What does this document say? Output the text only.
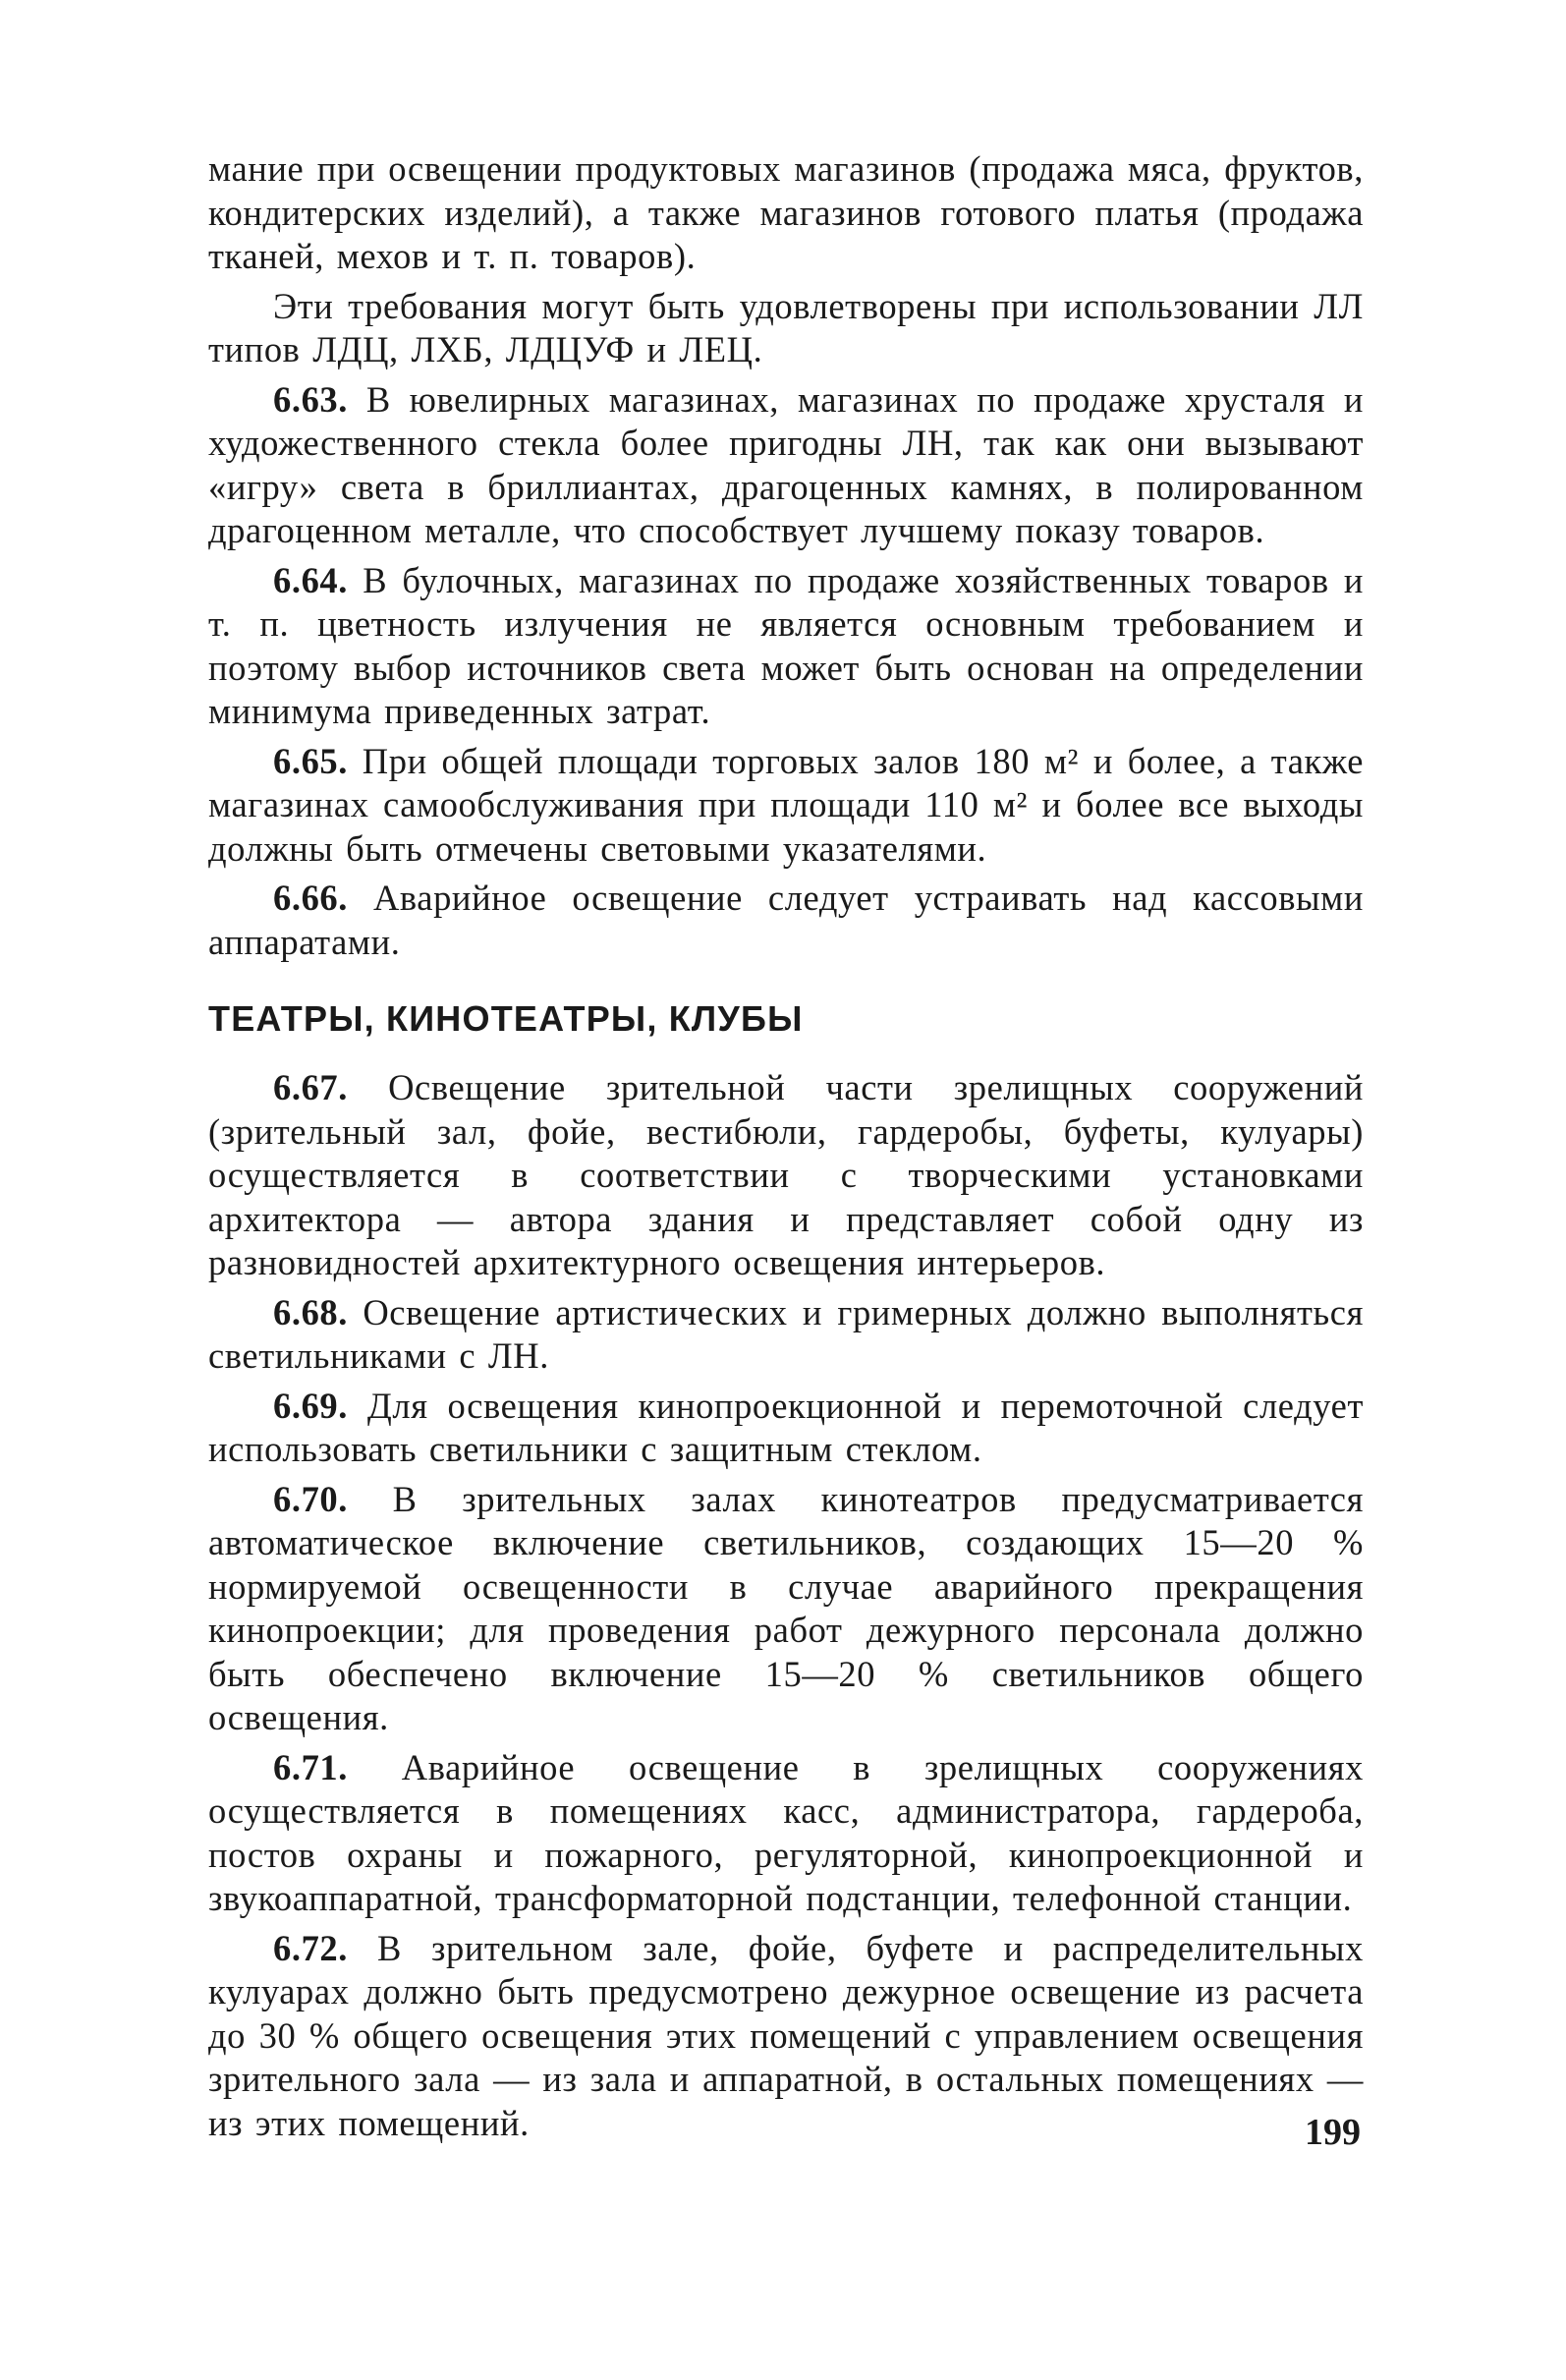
мание при освещении продуктовых магазинов (продажа мяса, фруктов, кондитерских изделий), а также магазинов готового платья (продажа тканей, мехов и т. п. товаров).

Эти требования могут быть удовлетворены при использовании ЛЛ типов ЛДЦ, ЛХБ, ЛДЦУФ и ЛЕЦ.

6.63. В ювелирных магазинах, магазинах по продаже хрусталя и художественного стекла более пригодны ЛН, так как они вызывают «игру» света в бриллиантах, драгоценных камнях, в полированном драгоценном металле, что способствует лучшему показу товаров.

6.64. В булочных, магазинах по продаже хозяйственных товаров и т. п. цветность излучения не является основным требованием и поэтому выбор источников света может быть основан на определении минимума приведенных затрат.

6.65. При общей площади торговых залов 180 м² и более, а также магазинах самообслуживания при площади 110 м² и более все выходы должны быть отмечены световыми указателями.

6.66. Аварийное освещение следует устраивать над кассовыми аппаратами.

ТЕАТРЫ, КИНОТЕАТРЫ, КЛУБЫ

6.67. Освещение зрительной части зрелищных сооружений (зрительный зал, фойе, вестибюли, гардеробы, буфеты, кулуары) осуществляется в соответствии с творческими установками архитектора — автора здания и представляет собой одну из разновидностей архитектурного освещения интерьеров.

6.68. Освещение артистических и гримерных должно выполняться светильниками с ЛН.

6.69. Для освещения кинопроекционной и перемоточной следует использовать светильники с защитным стеклом.

6.70. В зрительных залах кинотеатров предусматривается автоматическое включение светильников, создающих 15—20 % нормируемой освещенности в случае аварийного прекращения кинопроекции; для проведения работ дежурного персонала должно быть обеспечено включение 15—20 % светильников общего освещения.

6.71. Аварийное освещение в зрелищных сооружениях осуществляется в помещениях касс, администратора, гардероба, постов охраны и пожарного, регуляторной, кинопроекционной и звукоаппаратной, трансформаторной подстанции, телефонной станции.

6.72. В зрительном зале, фойе, буфете и распределительных кулуарах должно быть предусмотрено дежурное освещение из расчета до 30 % общего освещения этих помещений с управлением освещения зрительного зала — из зала и аппаратной, в остальных помещениях — из этих помещений.	199
